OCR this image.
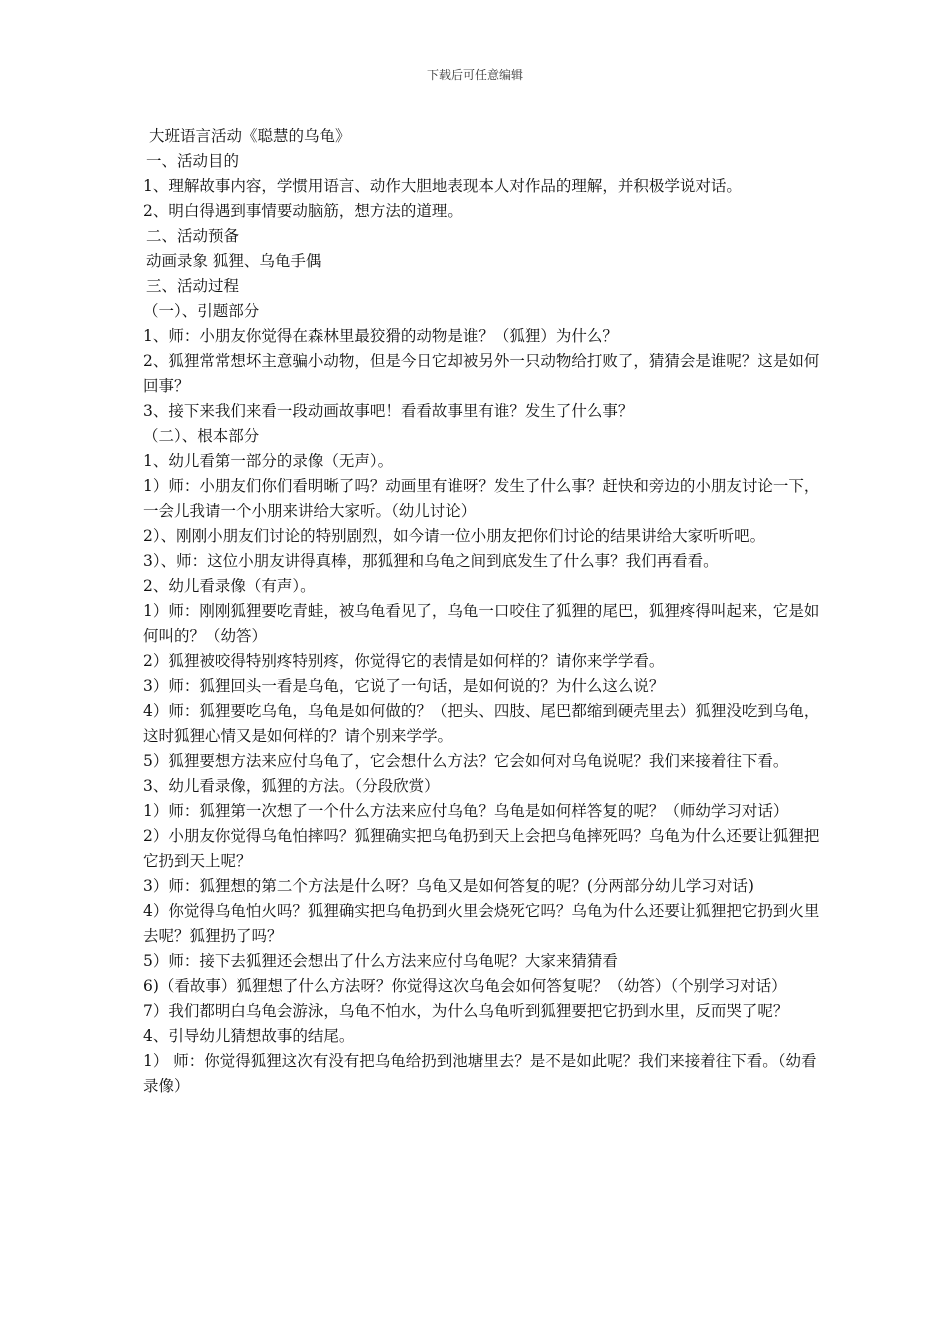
下载后可任意编辑

大班语言活动《聪慧的乌龟》

一、活动目的

1、理解故事内容，学惯用语言、动作大胆地表现本人对作品的理解，并积极学说对话。

2、明白得遇到事情要动脑筋，想方法的道理。

二、活动预备

动画录象 狐狸、乌龟手偶

三、活动过程

（一）、引题部分

1、师：小朋友你觉得在森林里最狡猾的动物是谁？（狐狸）为什么？

2、狐狸常常想坏主意骗小动物，但是今日它却被另外一只动物给打败了，猜猜会是谁呢？这是如何回事？

3、接下来我们来看一段动画故事吧！看看故事里有谁？发生了什么事？

（二）、根本部分

1、幼儿看第一部分的录像（无声）。

1）师：小朋友们你们看明晰了吗？动画里有谁呀？发生了什么事？赶快和旁边的小朋友讨论一下，一会儿我请一个小朋来讲给大家听。（幼儿讨论）

2）、刚刚小朋友们讨论的特别剧烈，如今请一位小朋友把你们讨论的结果讲给大家听听吧。

3）、师：这位小朋友讲得真棒，那狐狸和乌龟之间到底发生了什么事？我们再看看。

2、幼儿看录像（有声）。

1）师：刚刚狐狸要吃青蛙，被乌龟看见了，乌龟一口咬住了狐狸的尾巴，狐狸疼得叫起来，它是如何叫的？（幼答）

2）狐狸被咬得特别疼特别疼，你觉得它的表情是如何样的？请你来学学看。

3）师：狐狸回头一看是乌龟，它说了一句话，是如何说的？为什么这么说？

4）师：狐狸要吃乌龟，乌龟是如何做的？（把头、四肢、尾巴都缩到硬壳里去）狐狸没吃到乌龟，这时狐狸心情又是如何样的？请个别来学学。

5）狐狸要想方法来应付乌龟了，它会想什么方法？它会如何对乌龟说呢？我们来接着往下看。

3、幼儿看录像，狐狸的方法。（分段欣赏）

1）师：狐狸第一次想了一个什么方法来应付乌龟？乌龟是如何样答复的呢？（师幼学习对话）

2）小朋友你觉得乌龟怕摔吗？狐狸确实把乌龟扔到天上会把乌龟摔死吗？乌龟为什么还要让狐狸把它扔到天上呢？

3）师：狐狸想的第二个方法是什么呀？乌龟又是如何答复的呢？(分两部分幼儿学习对话)

4）你觉得乌龟怕火吗？狐狸确实把乌龟扔到火里会烧死它吗？乌龟为什么还要让狐狸把它扔到火里去呢？狐狸扔了吗？

5）师：接下去狐狸还会想出了什么方法来应付乌龟呢？大家来猜猜看

6)（看故事）狐狸想了什么方法呀？你觉得这次乌龟会如何答复呢？（幼答）（个别学习对话）

7）我们都明白乌龟会游泳，乌龟不怕水，为什么乌龟听到狐狸要把它扔到水里，反而哭了呢？

4、引导幼儿猜想故事的结尾。

1） 师：你觉得狐狸这次有没有把乌龟给扔到池塘里去？是不是如此呢？我们来接着往下看。（幼看录像）
